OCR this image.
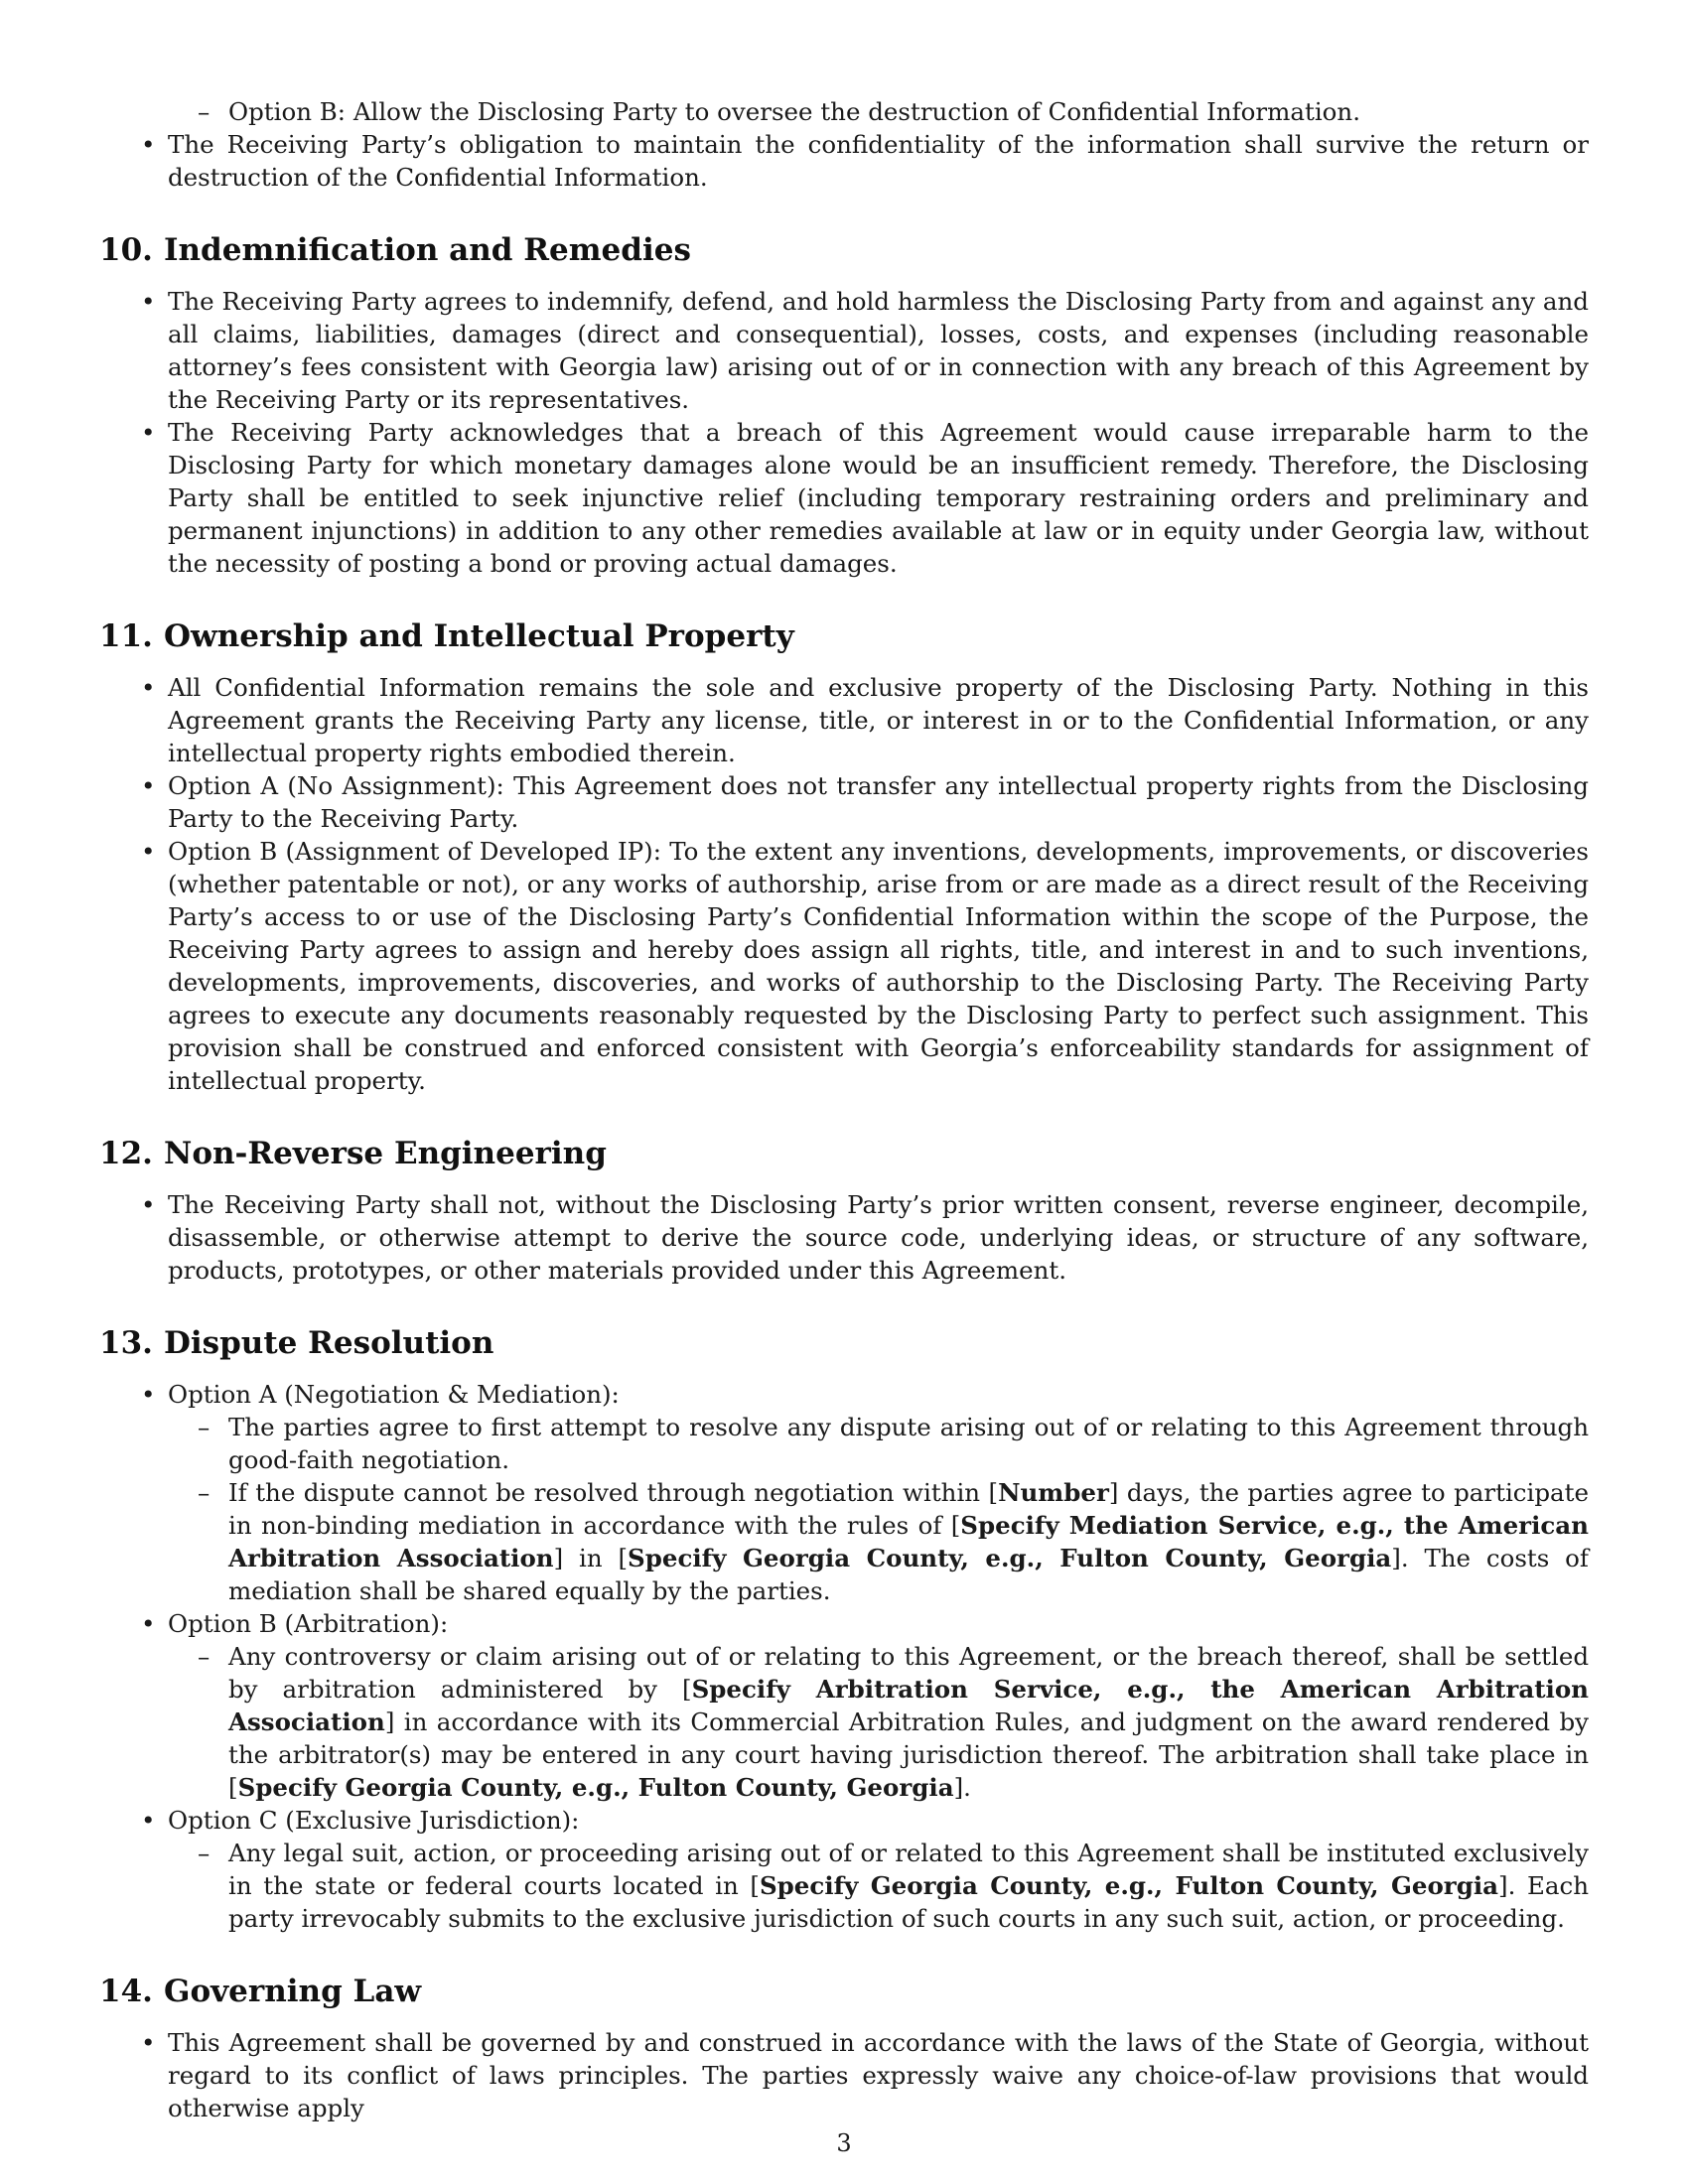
– Option B: Allow the Disclosing Party to oversee the destruction of Confidential Information.
• The Receiving Party’s obligation to maintain the confidentiality of the information shall survive the return or destruction of the Confidential Information.
10. Indemnification and Remedies
• The Receiving Party agrees to indemnify, defend, and hold harmless the Disclosing Party from and against any and all claims, liabilities, damages (direct and consequential), losses, costs, and expenses (including reasonable attorney’s fees consistent with Georgia law) arising out of or in connection with any breach of this Agreement by the Receiving Party or its representatives.
• The Receiving Party acknowledges that a breach of this Agreement would cause irreparable harm to the Disclosing Party for which monetary damages alone would be an insufficient remedy. Therefore, the Disclosing Party shall be entitled to seek injunctive relief (including temporary restraining orders and preliminary and permanent injunctions) in addition to any other remedies available at law or in equity under Georgia law, without the necessity of posting a bond or proving actual damages.
11. Ownership and Intellectual Property
• All Confidential Information remains the sole and exclusive property of the Disclosing Party. Nothing in this Agreement grants the Receiving Party any license, title, or interest in or to the Confidential Information, or any intellectual property rights embodied therein.
• Option A (No Assignment): This Agreement does not transfer any intellectual property rights from the Disclosing Party to the Receiving Party.
• Option B (Assignment of Developed IP): To the extent any inventions, developments, improvements, or discoveries (whether patentable or not), or any works of authorship, arise from or are made as a direct result of the Receiving Party’s access to or use of the Disclosing Party’s Confidential Information within the scope of the Purpose, the Receiving Party agrees to assign and hereby does assign all rights, title, and interest in and to such inventions, developments, improvements, discoveries, and works of authorship to the Disclosing Party. The Receiving Party agrees to execute any documents reasonably requested by the Disclosing Party to perfect such assignment. This provision shall be construed and enforced consistent with Georgia’s enforceability standards for assignment of intellectual property.
12. Non-Reverse Engineering
• The Receiving Party shall not, without the Disclosing Party’s prior written consent, reverse engineer, decompile, disassemble, or otherwise attempt to derive the source code, underlying ideas, or structure of any software, products, prototypes, or other materials provided under this Agreement.
13. Dispute Resolution
• Option A (Negotiation & Mediation):
– The parties agree to first attempt to resolve any dispute arising out of or relating to this Agreement through good-faith negotiation.
– If the dispute cannot be resolved through negotiation within [Number] days, the parties agree to participate in non-binding mediation in accordance with the rules of [Specify Mediation Service, e.g., the American Arbitration Association] in [Specify Georgia County, e.g., Fulton County, Georgia]. The costs of mediation shall be shared equally by the parties.
• Option B (Arbitration):
– Any controversy or claim arising out of or relating to this Agreement, or the breach thereof, shall be settled by arbitration administered by [Specify Arbitration Service, e.g., the American Arbitration Association] in accordance with its Commercial Arbitration Rules, and judgment on the award rendered by the arbitrator(s) may be entered in any court having jurisdiction thereof. The arbitration shall take place in [Specify Georgia County, e.g., Fulton County, Georgia].
• Option C (Exclusive Jurisdiction):
– Any legal suit, action, or proceeding arising out of or related to this Agreement shall be instituted exclusively in the state or federal courts located in [Specify Georgia County, e.g., Fulton County, Georgia]. Each party irrevocably submits to the exclusive jurisdiction of such courts in any such suit, action, or proceeding.
14. Governing Law
• This Agreement shall be governed by and construed in accordance with the laws of the State of Georgia, without regard to its conflict of laws principles. The parties expressly waive any choice-of-law provisions that would otherwise apply
3
